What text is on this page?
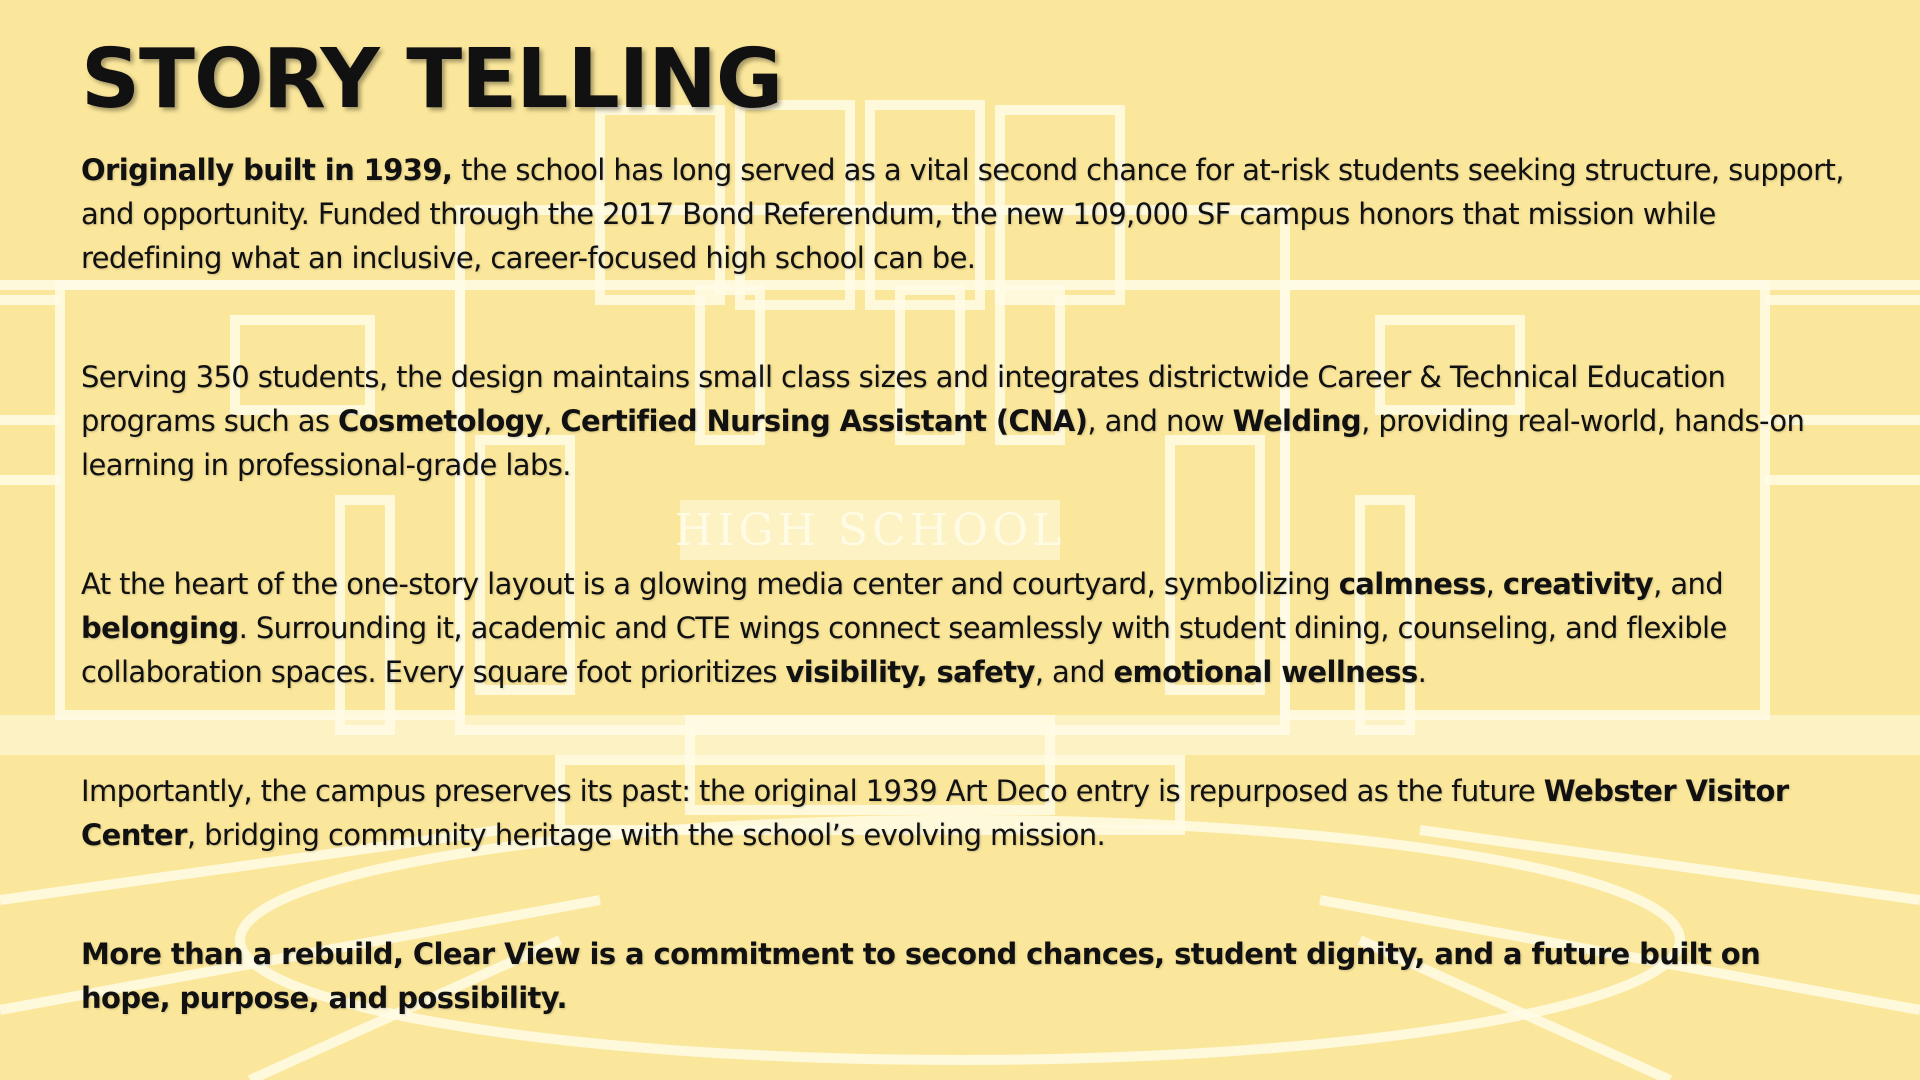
HIGH SCHOOL
STORY TELLING

Originally built in 1939, the school has long served as a vital second chance for at-risk students seeking structure, support, and opportunity. Funded through the 2017 Bond Referendum, the new 109,000 SF campus honors that mission while redefining what an inclusive, career-focused high school can be.

Serving 350 students, the design maintains small class sizes and integrates districtwide Career & Technical Education programs such as Cosmetology, Certified Nursing Assistant (CNA), and now Welding, providing real-world, hands-on learning in professional-grade labs.

At the heart of the one-story layout is a glowing media center and courtyard, symbolizing calmness, creativity, and belonging. Surrounding it, academic and CTE wings connect seamlessly with student dining, counseling, and flexible collaboration spaces. Every square foot prioritizes visibility, safety, and emotional wellness.

Importantly, the campus preserves its past: the original 1939 Art Deco entry is repurposed as the future Webster Visitor Center, bridging community heritage with the school’s evolving mission.

More than a rebuild, Clear View is a commitment to second chances, student dignity, and a future built on hope, purpose, and possibility.
